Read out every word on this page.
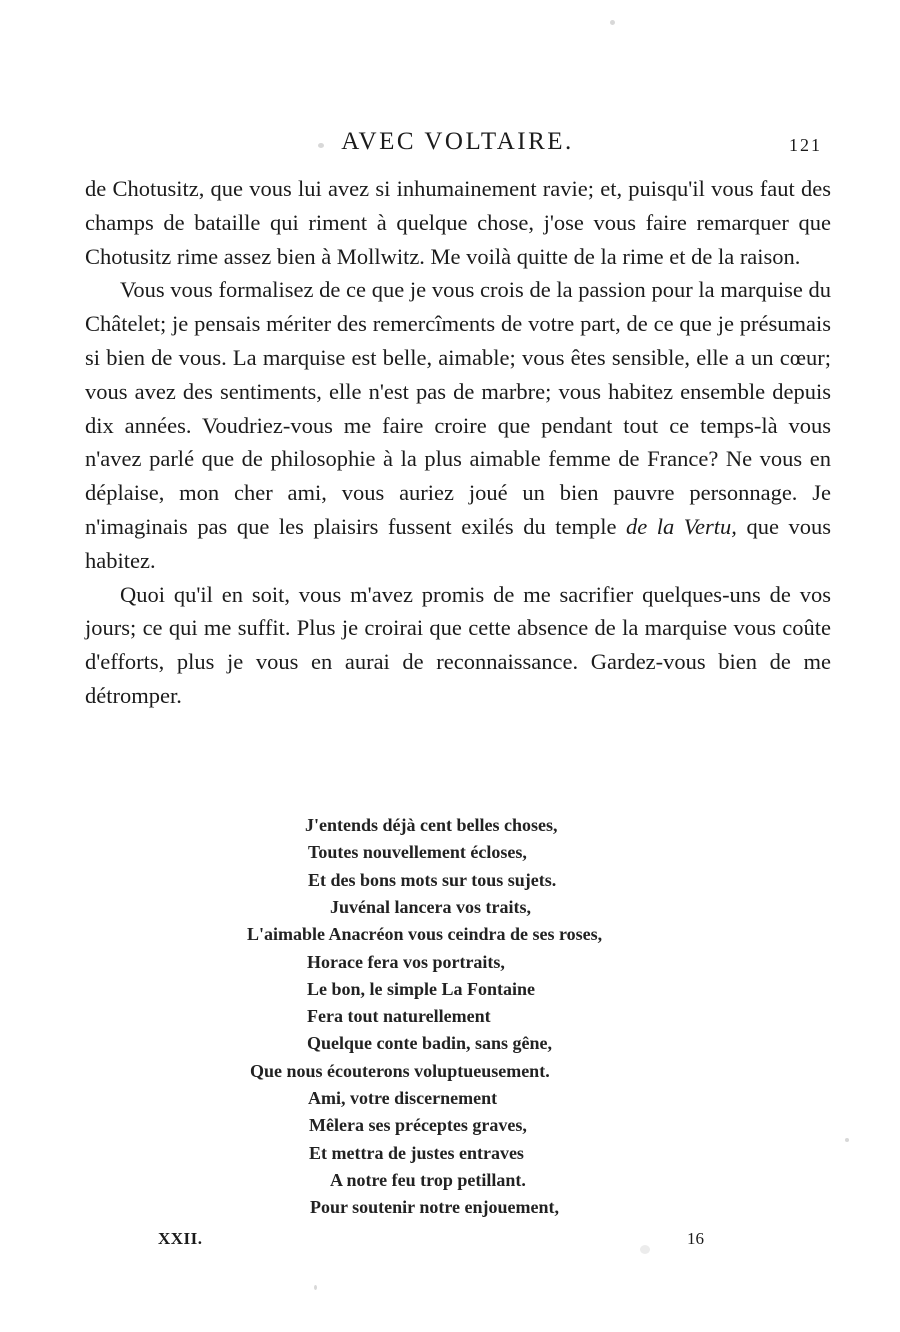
AVEC VOLTAIRE.	121

de Chotusitz, que vous lui avez si inhumainement ravie; et, puisqu'il vous faut des champs de bataille qui riment à quelque chose, j'ose vous faire remarquer que Chotusitz rime assez bien à Mollwitz. Me voilà quitte de la rime et de la raison.

Vous vous formalisez de ce que je vous crois de la passion pour la marquise du Châtelet; je pensais mériter des remercîments de votre part, de ce que je présumais si bien de vous. La marquise est belle, aimable; vous êtes sensible, elle a un cœur; vous avez des sentiments, elle n'est pas de marbre; vous habitez ensemble depuis dix années. Voudriez-vous me faire croire que pendant tout ce temps-là vous n'avez parlé que de philosophie à la plus aimable femme de France? Ne vous en déplaise, mon cher ami, vous auriez joué un bien pauvre personnage. Je n'imaginais pas que les plaisirs fussent exilés du temple de la Vertu, que vous habitez.

Quoi qu'il en soit, vous m'avez promis de me sacrifier quelques-uns de vos jours; ce qui me suffit. Plus je croirai que cette absence de la marquise vous coûte d'efforts, plus je vous en aurai de reconnaissance. Gardez-vous bien de me détromper.

J'entends déjà cent belles choses,
Toutes nouvellement écloses,
Et des bons mots sur tous sujets.
Juvénal lancera vos traits,
L'aimable Anacréon vous ceindra de ses roses,
Horace fera vos portraits,
Le bon, le simple La Fontaine
Fera tout naturellement
Quelque conte badin, sans gêne,
Que nous écouterons voluptueusement.
Ami, votre discernement
Mêlera ses préceptes graves,
Et mettra de justes entraves
A notre feu trop petillant.
Pour soutenir notre enjouement,
XXII.	16
